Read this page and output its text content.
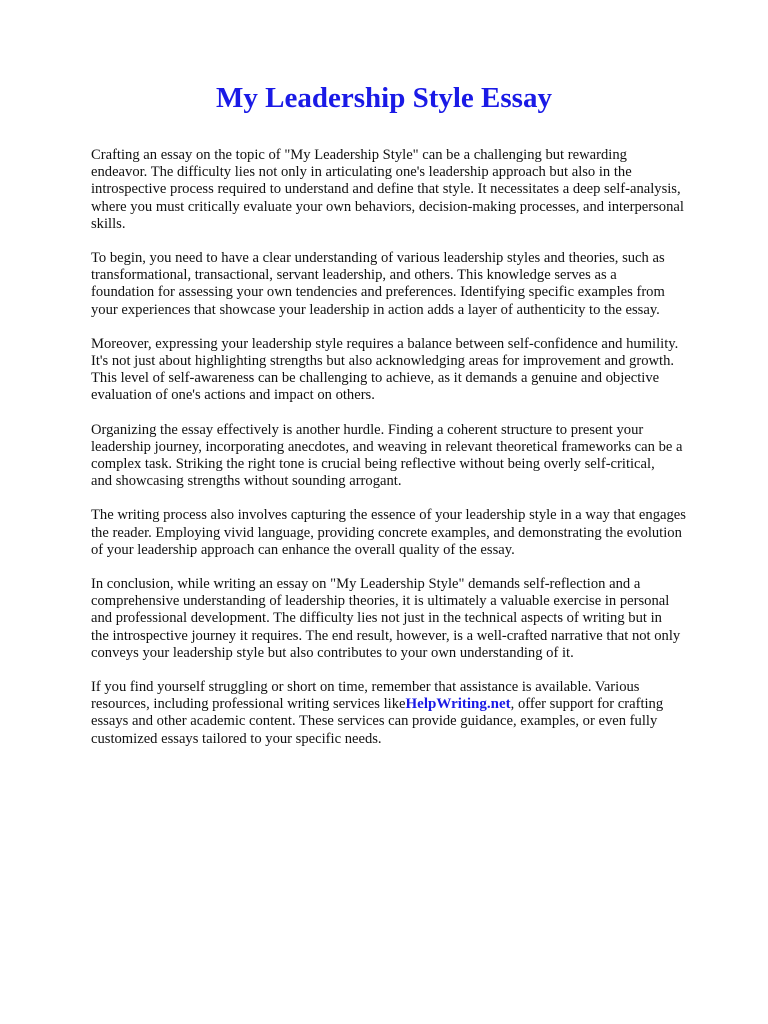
My Leadership Style Essay

Crafting an essay on the topic of "My Leadership Style" can be a challenging but rewarding
endeavor. The difficulty lies not only in articulating one's leadership approach but also in the
introspective process required to understand and define that style. It necessitates a deep self-analysis,
where you must critically evaluate your own behaviors, decision-making processes, and interpersonal
skills.

To begin, you need to have a clear understanding of various leadership styles and theories, such as
transformational, transactional, servant leadership, and others. This knowledge serves as a
foundation for assessing your own tendencies and preferences. Identifying specific examples from
your experiences that showcase your leadership in action adds a layer of authenticity to the essay.

Moreover, expressing your leadership style requires a balance between self-confidence and humility.
It's not just about highlighting strengths but also acknowledging areas for improvement and growth.
This level of self-awareness can be challenging to achieve, as it demands a genuine and objective
evaluation of one's actions and impact on others.

Organizing the essay effectively is another hurdle. Finding a coherent structure to present your
leadership journey, incorporating anecdotes, and weaving in relevant theoretical frameworks can be a
complex task. Striking the right tone is crucial being reflective without being overly self-critical,
and showcasing strengths without sounding arrogant.

The writing process also involves capturing the essence of your leadership style in a way that engages
the reader. Employing vivid language, providing concrete examples, and demonstrating the evolution
of your leadership approach can enhance the overall quality of the essay.

In conclusion, while writing an essay on "My Leadership Style" demands self-reflection and a
comprehensive understanding of leadership theories, it is ultimately a valuable exercise in personal
and professional development. The difficulty lies not just in the technical aspects of writing but in
the introspective journey it requires. The end result, however, is a well-crafted narrative that not only
conveys your leadership style but also contributes to your own understanding of it.

If you find yourself struggling or short on time, remember that assistance is available. Various
resources, including professional writing services likeHelpWriting.net, offer support for crafting
essays and other academic content. These services can provide guidance, examples, or even fully
customized essays tailored to your specific needs.
